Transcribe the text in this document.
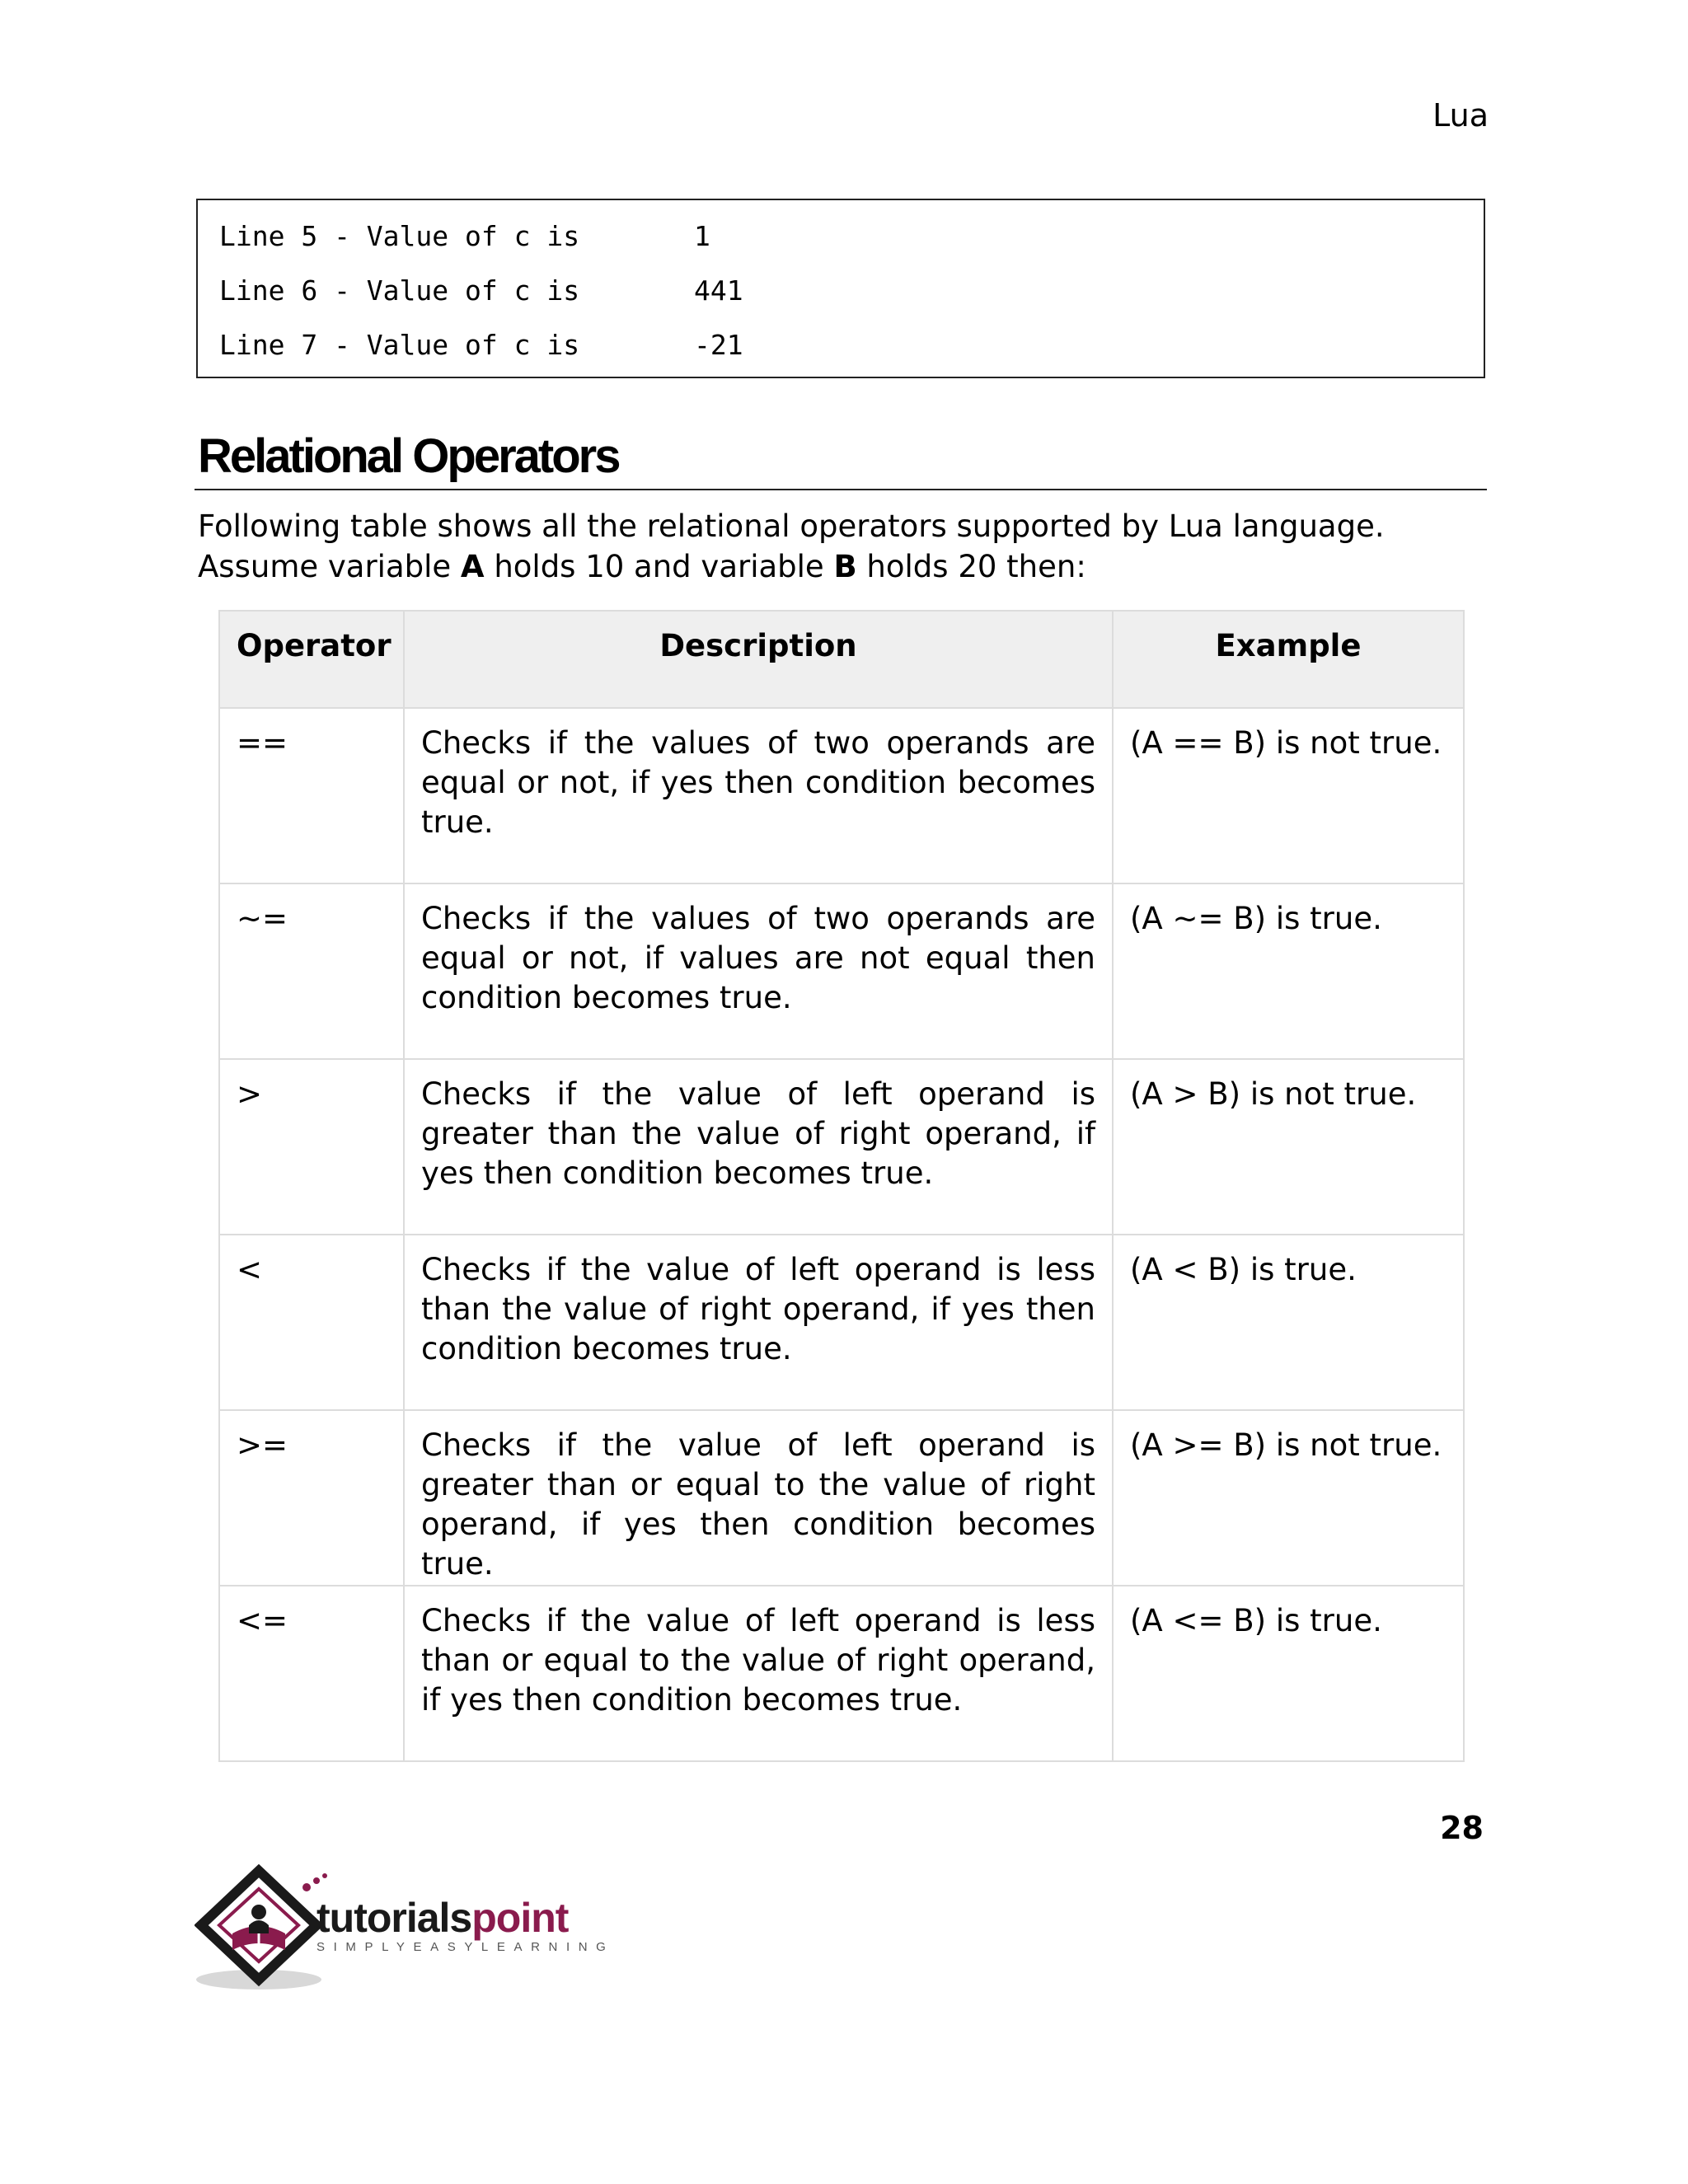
Lua
Line 5 - Value of c is	1
Line 6 - Value of c is	441
Line 7 - Value of c is	-21
Relational Operators
Following table shows all the relational operators supported by Lua language. Assume variable A holds 10 and variable B holds 20 then:
Operator	Description	Example
==	Checks if the values of two operands are equal or not, if yes then condition becomes true.	(A == B) is not true.
~=	Checks if the values of two operands are equal or not, if values are not equal then condition becomes true.	(A ~= B) is true.
>	Checks if the value of left operand is greater than the value of right operand, if yes then condition becomes true.	(A > B) is not true.
<	Checks if the value of left operand is less than the value of right operand, if yes then condition becomes true.	(A < B) is true.
>=	Checks if the value of left operand is greater than or equal to the value of right operand, if yes then condition becomes true.	(A >= B) is not true.
<=	Checks if the value of left operand is less than or equal to the value of right operand, if yes then condition becomes true.	(A <= B) is true.
28
tutorialspoint
SIMPLYEASYLEARNING
